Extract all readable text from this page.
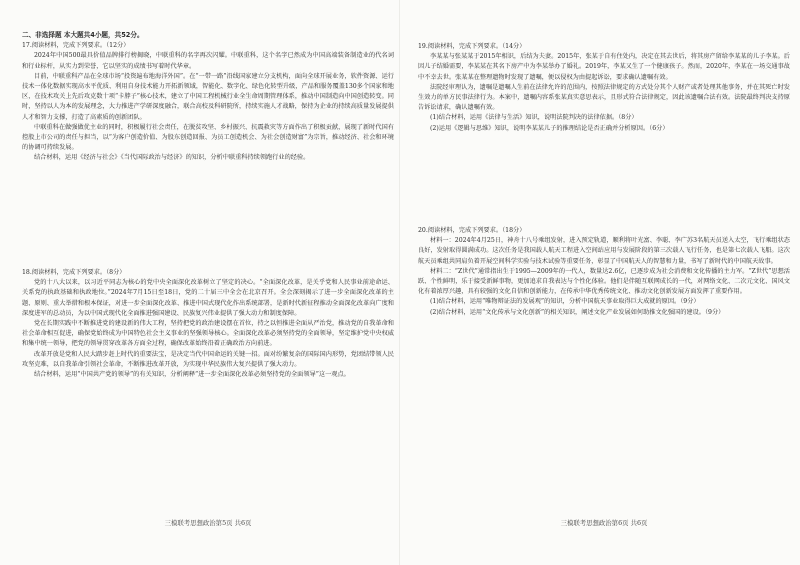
二、非选择题 本大题共4小题，共52分。
17.阅读材料，完成下列要求。（12分）

2024年中国500最具价值品牌排行榜揭晓，中联重科的名字再次闪耀。中联重科，这个名字已然成为中国高端装备制造业的代名词和行业标杆，从实力到荣誉，它以坚实的成绩书写着时代华章。

目前，中联重科产品在全球市场“投资遍布地海洋外国”。在“一带一路”沿线国家建立分支机构，面向全球开展业务，软件资源、运行技术一体化数据实现高水平优质、利用自身技术能力开拓新领域，智能化、数字化、绿色化转型升级，产品和服务覆盖130多个国家和地区，在技术攻关上先后攻克数十项“卡脖子”核心技术，建立了中国工程机械行业全生命周期管理体系，推动中国制造向中国创造转变。同时，坚持以人为本的发展理念，大力推进产学研深度融合，联合高校及科研院所，持续实施人才战略，保持为企业的持续高质量发展提供人才和智力支撑，打造了高素质的创新团队。

中联重科在做强做优主业的同时，积极履行社会责任，在脱贫攻坚、乡村振兴、抗震救灾等方面作出了积极贡献，展现了新时代国有控股上市公司的责任与担当，以“为客户创造价值、为股东创造回报、为员工创造机会、为社会创造财富”为宗旨，推动经济、社会和环境的协调可持续发展。

结合材料，运用《经济与社会》《当代国际政治与经济》的知识，分析中联重科持续领跑行业的经验。

18.阅读材料，完成下列要求。（8分）

党的十八大以来，以习近平同志为核心的党中央全面深化改革树立了坚定的决心。“全面深化改革，是关乎党和人民事业前途命运、关系党的执政基础和执政地位。”2024年7月15日至18日，党的二十届三中全会在北京召开。全会深刻揭示了进一步全面深化改革的主题、原则、重大举措和根本保证，对进一步全面深化改革、推进中国式现代化作出系统部署，是新时代新征程推动全面深化改革向广度和深度进军的总动员，为以中国式现代化全面推进强国建设、民族复兴伟业提供了强大动力和制度保障。

党在长期实践中不断推进党的建设新的伟大工程，坚持把党的政治建设摆在首位，持之以恒推进全面从严治党，推动党的自我革命和社会革命相互促进，确保党始终成为中国特色社会主义事业的坚强领导核心。全面深化改革必须坚持党的全面领导，坚定维护党中央权威和集中统一领导，把党的领导贯穿改革各方面全过程，确保改革始终沿着正确政治方向前进。

改革开放是党和人民大踏步赶上时代的重要法宝，是决定当代中国命运的关键一招。面对纷繁复杂的国际国内形势，党团结带领人民攻坚克难，以自我革命引领社会革命，不断推进改革开放，为实现中华民族伟大复兴提供了强大动力。

结合材料，运用“中国共产党的领导”的有关知识，分析阐释“进一步全面深化改革必须坚持党的全面领导”这一观点。

三模联考思想政治第5页 共6页
19.阅读材料，完成下列要求。（14分）

李某某与张某某于2015年相识，后结为夫妻。2015年，张某于自有住处内，决定在其去世后，将其房产留给李某某的儿子李某。后因儿子结婚需要，李某某在其名下房产中为李某举办了婚礼。2019年，李某又生了一个健康孩子。然而，2020年，李某在一场交通事故中不幸去世。张某某在整理遗物时发现了遗嘱，便以侵权为由提起诉讼，要求确认遗嘱有效。

法院经审理认为，遗嘱是遗嘱人生前在法律允许的范围内，按照法律规定的方式处分其个人财产或者处理其他事务，并在其死亡时发生效力的单方民事法律行为。本案中，遗嘱内容系张某真实意思表示，且形式符合法律规定，因此该遗嘱合法有效。法院最终判决支持原告诉讼请求，确认遗嘱有效。

(1)结合材料，运用《法律与生活》知识，说明法院判决的法律依据。（8分）

(2)运用《逻辑与思维》知识，说明李某某儿子的推理结论是否正确并分析原因。（6分）

20.阅读材料，完成下列要求。（18分）

材料一：2024年4月25日，神舟十八号乘组发射，进入预定轨道，顺利将叶光富、李聪、李广苏3名航天员送入太空，飞行乘组状态良好，发射取得圆满成功。这次任务是我国载人航天工程进入空间站应用与发展阶段的第三次载人飞行任务，也是第七次载人飞船。这次航天员乘组共同肩负着开展空间科学实验与技术试验等重要任务，彰显了中国航天人的智慧和力量，书写了新时代的中国航天故事。

材料二：“Z世代”通常指出生于1995—2009年的一代人，数量达2.6亿，已逐步成为社会消费和文化传播的主力军。“Z世代”思想活跃、个性鲜明，乐于接受新鲜事物，更加追求自我表达与个性化体验。他们是伴随互联网成长的一代，对网络文化、二次元文化、国风文化有着浓厚兴趣，具有较强的文化自信和创新能力，在传承中华优秀传统文化、推动文化创新发展方面发挥了重要作用。

(1)结合材料，运用“唯物辩证法的发展观”的知识，分析中国航天事业取得巨大成就的原因。（9分）

(2)结合材料，运用“文化传承与文化创新”的相关知识，阐述文化产业发展如何助推文化强国的建设。（9分）

三模联考思想政治第6页 共6页
